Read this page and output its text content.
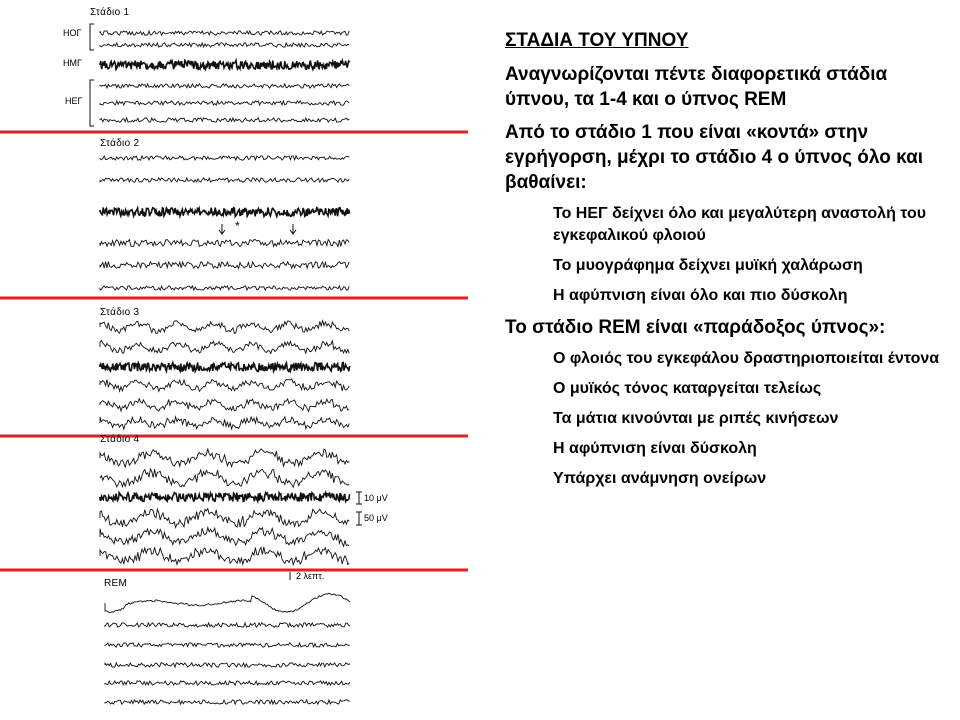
Στάδιο 1
Στάδιο 2
Στάδιο 3
Στάδιο 4
REM
ΗΟΓ
ΗΜΓ
ΗΕΓ
10 μV
50 μV
2 λεπτ.
*
ΣΤΑΔΙΑ ΤΟΥ ΥΠΝΟΥ
Αναγνωρίζονται πέντε διαφορετικά στάδια ύπνου, τα 1-4 και ο ύπνος REM
Από το στάδιο 1 που είναι «κοντά» στην εγρήγορση, μέχρι το στάδιο 4 ο ύπνος όλο και βαθαίνει:
Το ΗΕΓ δείχνει όλο και μεγαλύτερη αναστολή του εγκεφαλικού φλοιού
Το μυογράφημα δείχνει μυϊκή χαλάρωση
Η αφύπνιση είναι όλο και πιο δύσκολη
Το στάδιο REM είναι «παράδοξος ύπνος»:
Ο φλοιός του εγκεφάλου δραστηριοποιείται έντονα
Ο μυϊκός τόνος καταργείται τελείως
Τα μάτια κινούνται με ριπές κινήσεων
Η αφύπνιση είναι δύσκολη
Υπάρχει ανάμνηση ονείρων
